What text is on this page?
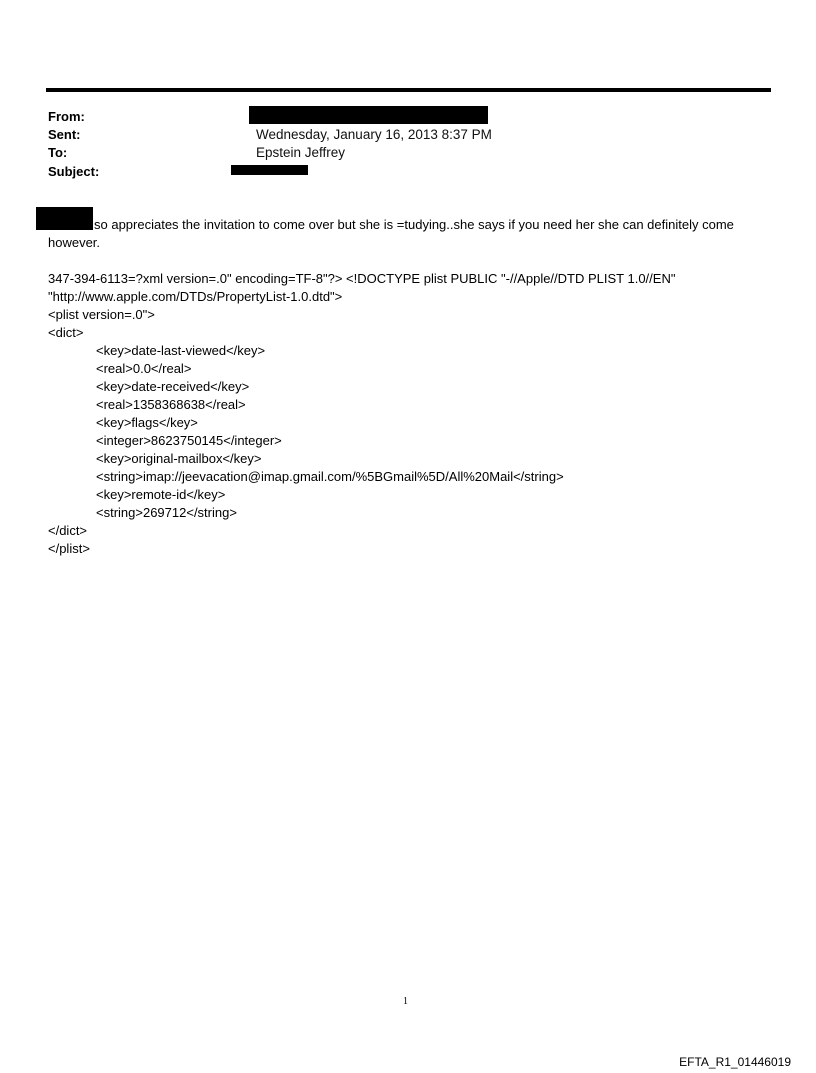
From:
Sent:
To:
Subject:
Wednesday, January 16, 2013 8:37 PM
Epstein Jeffrey
so appreciates the invitation to come over but she is =tudying..she says if you need her she can definitely come
however.
347-394-6113=?xml version=.0" encoding=TF-8"?> <!DOCTYPE plist PUBLIC "-//Apple//DTD PLIST 1.0//EN"
"http://www.apple.com/DTDs/PropertyList-1.0.dtd">
<plist version=.0">
<dict>
<key>date-last-viewed</key>
<real>0.0</real>
<key>date-received</key>
<real>1358368638</real>
<key>flags</key>
<integer>8623750145</integer>
<key>original-mailbox</key>
<string>imap://jeevacation@imap.gmail.com/%5BGmail%5D/All%20Mail</string>
<key>remote-id</key>
<string>269712</string>
</dict>
</plist>
1
EFTA_R1_01446019
